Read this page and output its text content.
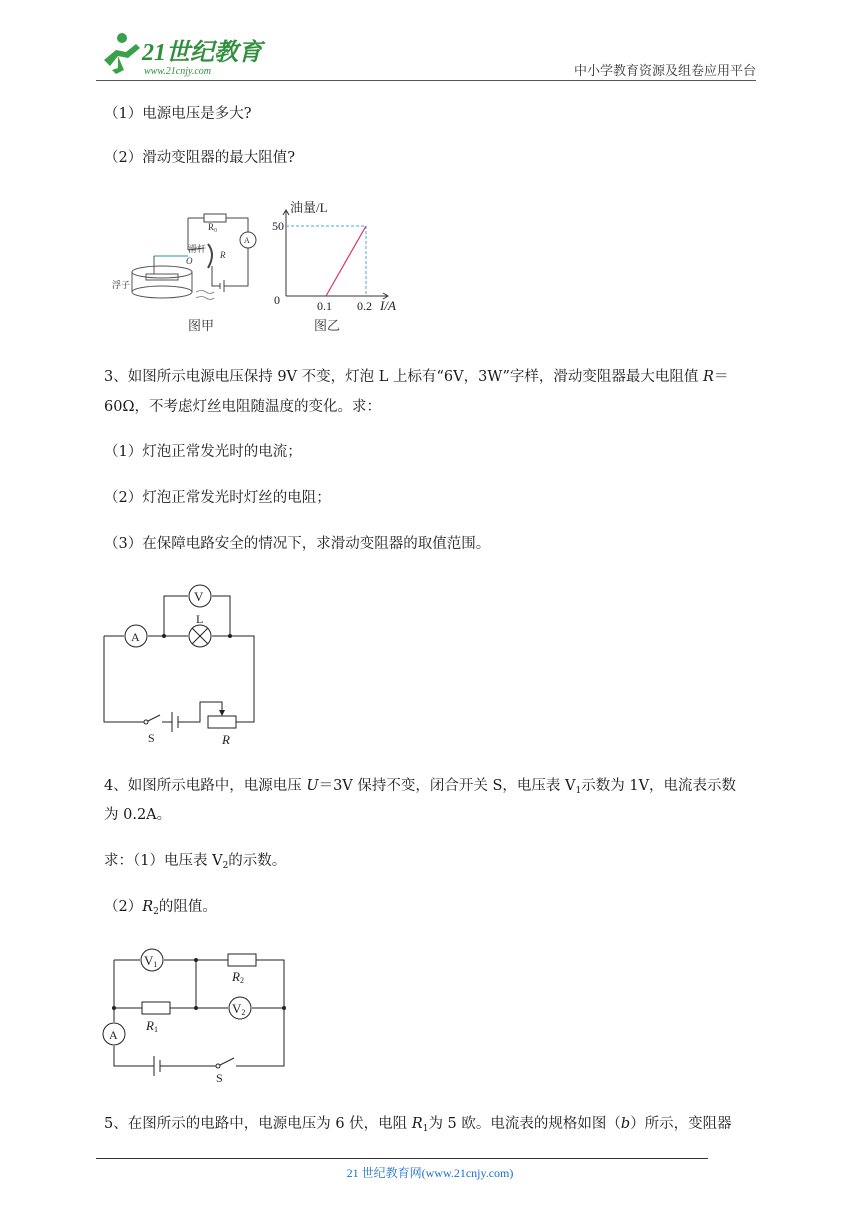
21世纪教育
www.21cnjy.com	中小学教育资源及组卷应用平台
（1）电源电压是多大?
（2）滑动变阻器的最大阻值?
R₀
A
滑杆
O
R
浮子
图甲
油量/L
I/A
0
50
0.1 0.2
图乙
3、如图所示电源电压保持 9V 不变，灯泡 L 上标有“6V，3W”字样，滑动变阻器最大电阻值 R＝
60Ω，不考虑灯丝电阻随温度的变化。求：
（1）灯泡正常发光时的电流；
（2）灯泡正常发光时灯丝的电阻；
（3）在保障电路安全的情况下，求滑动变阻器的取值范围。
V
A
L
S	R
4、如图所示电路中，电源电压 U＝3V 保持不变，闭合开关 S，电压表 $V_1$示数为 1V，电流表示数
为 0.2A。
求：（1）电压表 $V_2$的示数。
$(2)R_2$的阻值。
V1
R2
R1
V2
A
S
5、在图所示的电路中，电源电压为 6 伏，电阻 $R_1$为 5 欧。电流表的规格如图（b）所示，变阻器
21 世纪教育网(www.21cnjy.com)
